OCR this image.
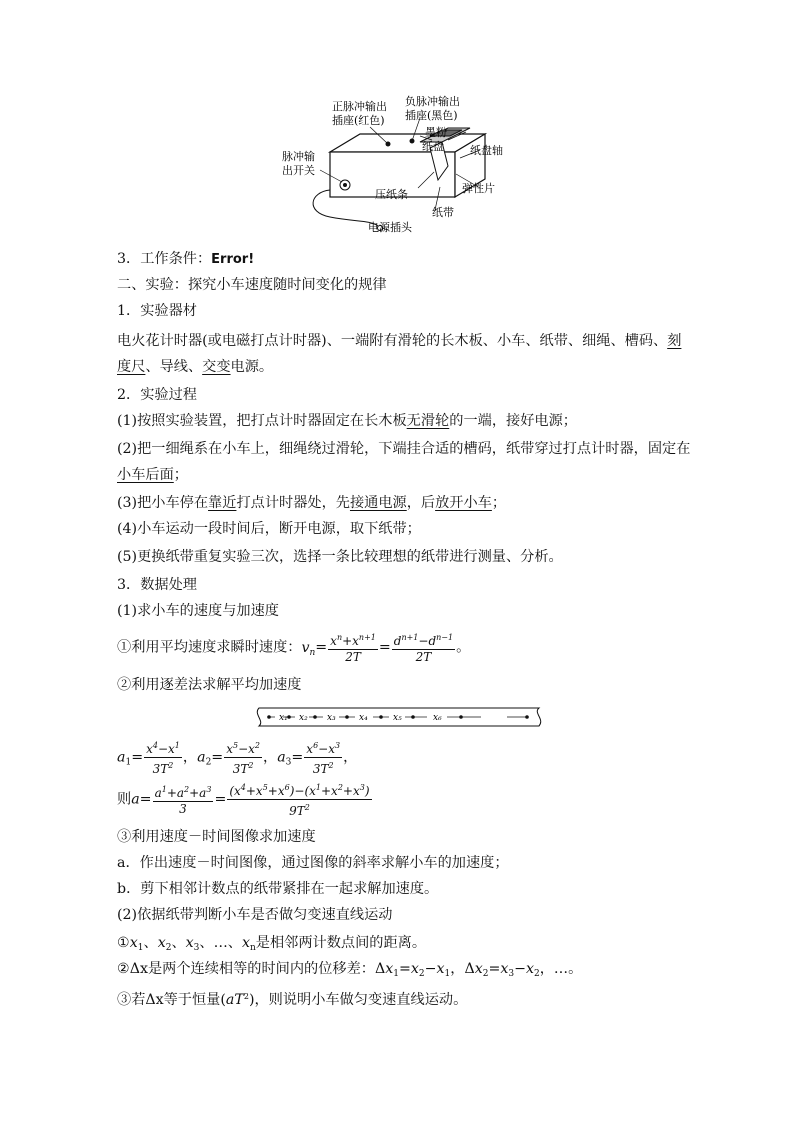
正脉冲输出
插座(红色)
负脉冲输出
插座(黑色)
墨粉
纸盘 纸盘轴
脉冲输
出开关
压纸条	弹性片
纸带
电源插头
3．工作条件：Error!
二、实验：探究小车速度随时间变化的规律
1．实验器材
电火花计时器(或电磁打点计时器)、一端附有滑轮的长木板、小车、纸带、细绳、槽码、刻
度尺、导线、交变电源。
2．实验过程
(1)按照实验装置，把打点计时器固定在长木板无滑轮的一端，接好电源；
(2)把一细绳系在小车上，细绳绕过滑轮，下端挂合适的槽码，纸带穿过打点计时器，固定在
小车后面；
(3)把小车停在靠近打点计时器处，先接通电源，后放开小车；
(4)小车运动一段时间后，断开电源，取下纸带；
(5)更换纸带重复实验三次，选择一条比较理想的纸带进行测量、分析。
3．数据处理
(1)求小车的速度与加速度
①利用平均速度求瞬时速度：$v_n= \frac{x^n+x^{n+1}}{2T} = \frac{d^{n+1}-d^{n-1}}{2T}$ 。
②利用逐差法求解平均加速度
x₁ x₂ x₃	x₄	x₅	x₆
$a_1= \frac{x^4-x^1}{3T^2}$ ，$a_2= \frac{x^5-x^2}{3T^2}$ ，$a_3= \frac{x^6-x^3}{3T^2}$ ，
则$a= \frac{a^1+a^2+a^3}{3} = \frac{(x^4+x^5+x^6)-(x^1+x^2+x^3)}{9T^2}$
③利用速度－时间图像求加速度
a．作出速度－时间图像，通过图像的斜率求解小车的加速度；
b．剪下相邻计数点的纸带紧排在一起求解加速度。
(2)依据纸带判断小车是否做匀变速直线运动
$①x_1$、$x_2$、$x_3$、…、$x_n$是相邻两计数点间的距离。
②Δx是两个连续相等的时间内的位移差：$\Delta x_1=x_2-x_1$，$\Delta x_2=x_3-x_2$，…。
③若Δx等于恒量$(aT^2)$，则说明小车做匀变速直线运动。
